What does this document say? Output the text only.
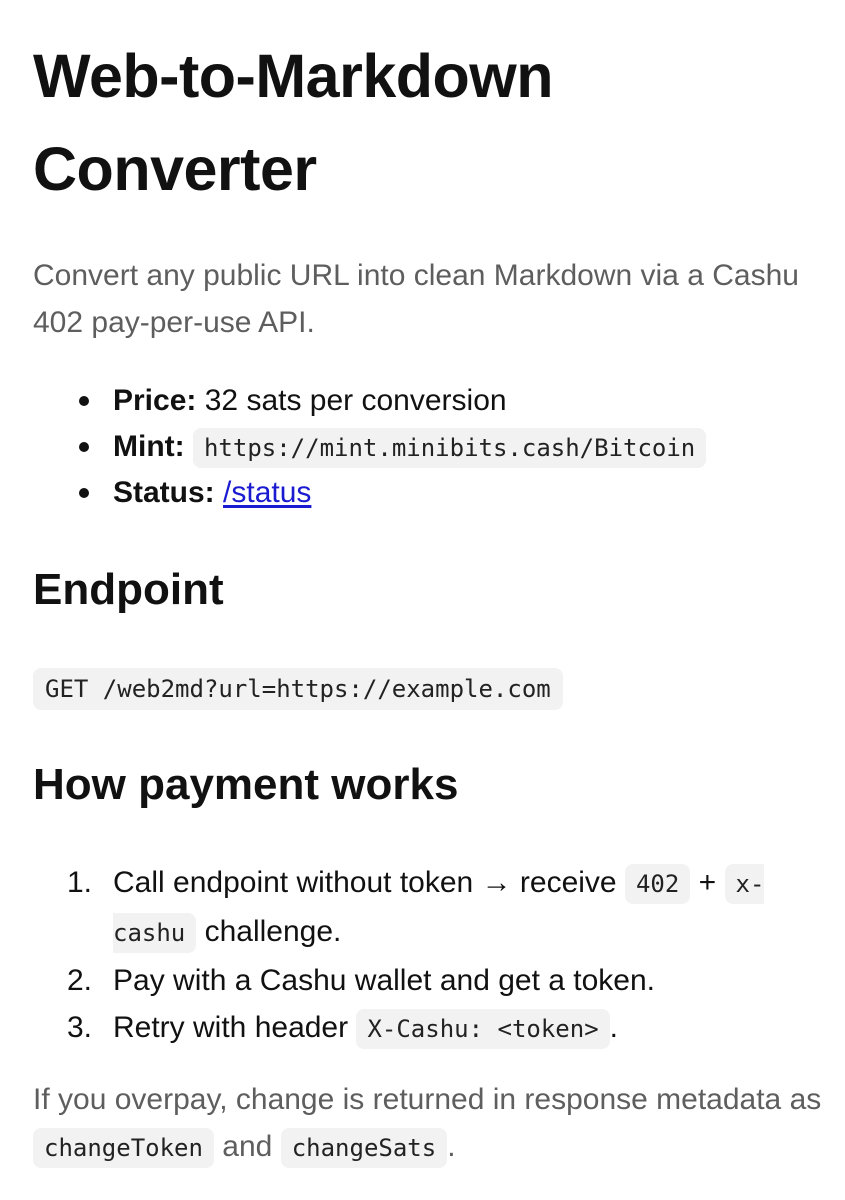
Web-to-Markdown Converter

Convert any public URL into clean Markdown via a Cashu 402 pay-per-use API.

Price: 32 sats per conversion
Mint: https://mint.minibits.cash/Bitcoin
Status: /status
Endpoint
GET /web2md?url=https://example.com
How payment works
1. Call endpoint without token → receive 402 + x-cashu challenge.
2. Pay with a Cashu wallet and get a token.
3. Retry with header X-Cashu: <token> .

If you overpay, change is returned in response metadata as changeToken and changeSats .
